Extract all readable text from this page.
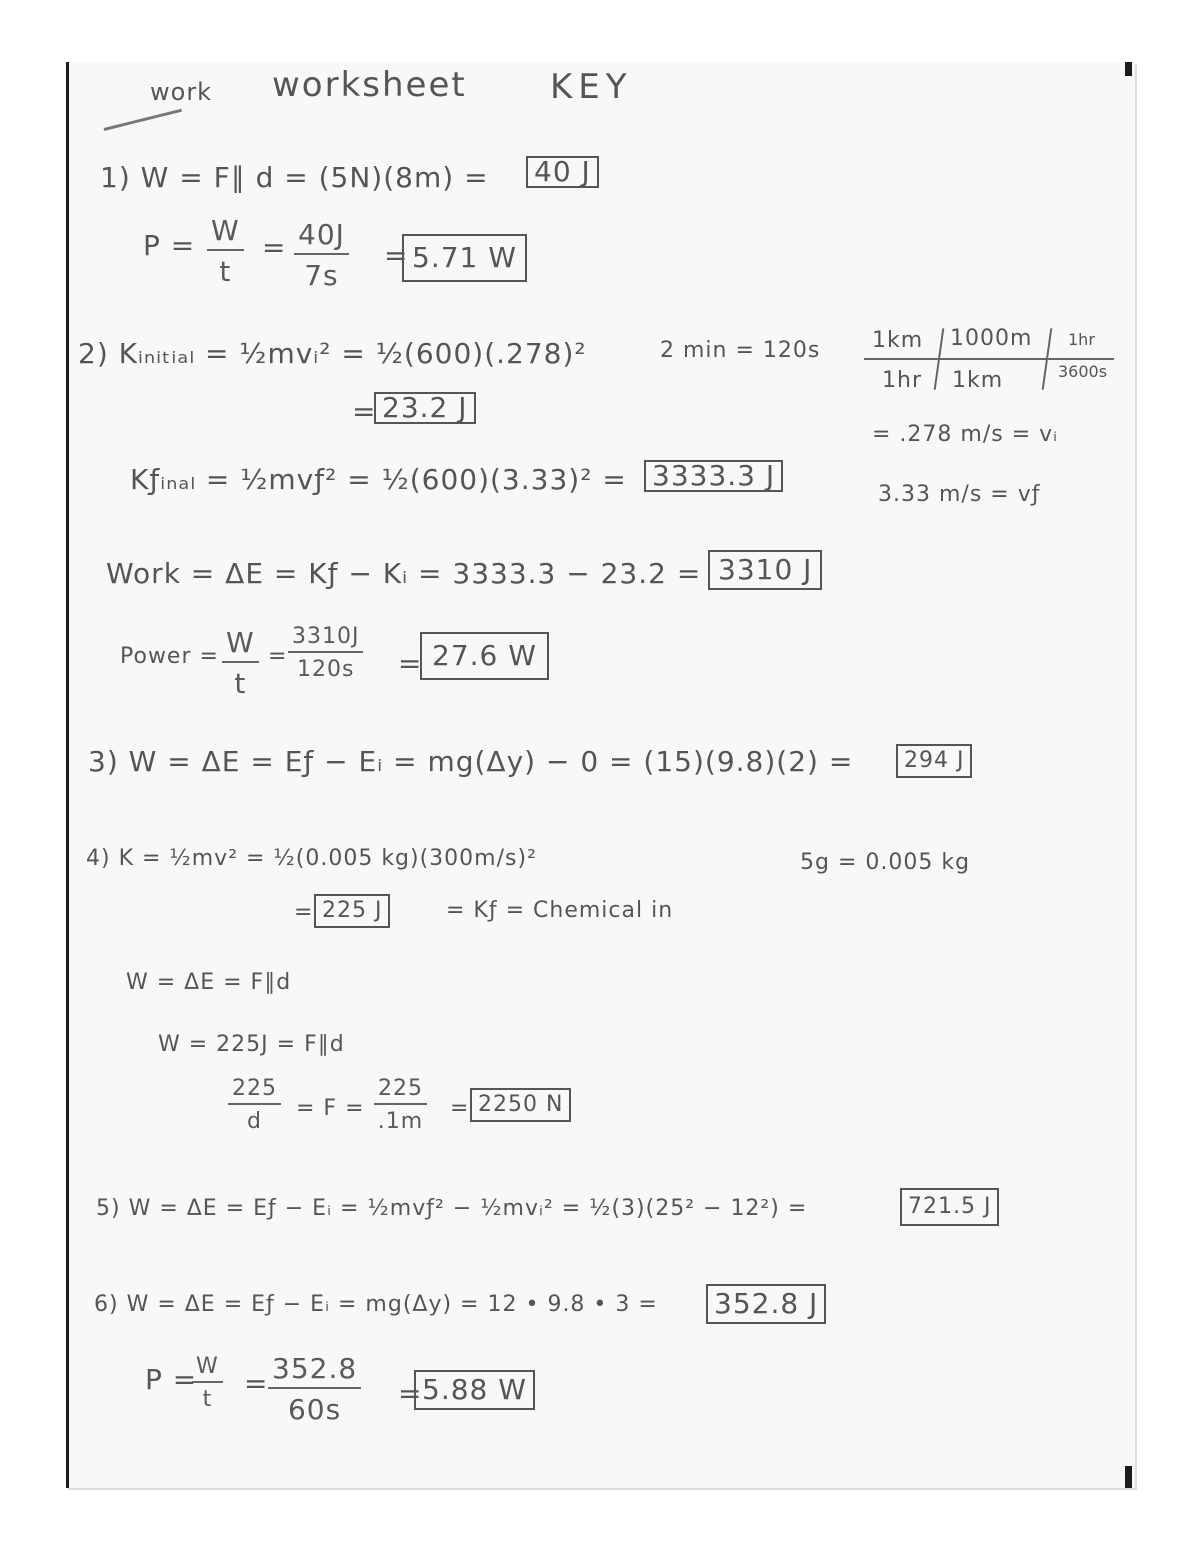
work worksheet KEY
1) W = F∥ d = (5N)(8m) = 40 J
$P = \frac{W}{t} = \frac{40J}{7s} = 5.71$ W
2) Kᵢₙᵢₜᵢₐₗ = ½mvᵢ² = ½(600)(.278)²
= 23.2 J
2 min = 120s 1km 1000m 1hr
1hr 1km	3600s
= .278 m/s = vᵢ
3.33 m/s = vƒ
Kƒᵢₙₐₗ = ½mvƒ² = ½(600)(3.33)² = 3333.3 J
Work = ΔE = Kƒ − Kᵢ = 3333.3 − 23.2 = 3310 J
Power = $\frac{W}{t} = \frac{3310J}{120s} = 27.6$ W
3) W = ΔE = Eƒ − Eᵢ = mg(Δy) − 0 = (15)(9.8)(2) =	294 J
4) K = ½mv² = ½(0.005 kg)(300m/s)²	5g = 0.005 kg
= 225 J	= Kƒ = Chemical in
W = ΔE = F∥d
W = 225J = F∥d
$\frac{225}{d} = F = \frac{225}{.1m} = 2250$ N
5) W = ΔE = Eƒ − Eᵢ = ½mvƒ² − ½mvᵢ² = ½(3)(25² − 12²) =	721.5 J
6) W = ΔE = Eƒ − Eᵢ = mg(Δy) = 12 • 9.8 • 3 = 352.8 J
P =
$\frac{W}{t} = \frac{352.8}{60s} = 5.88$ W
